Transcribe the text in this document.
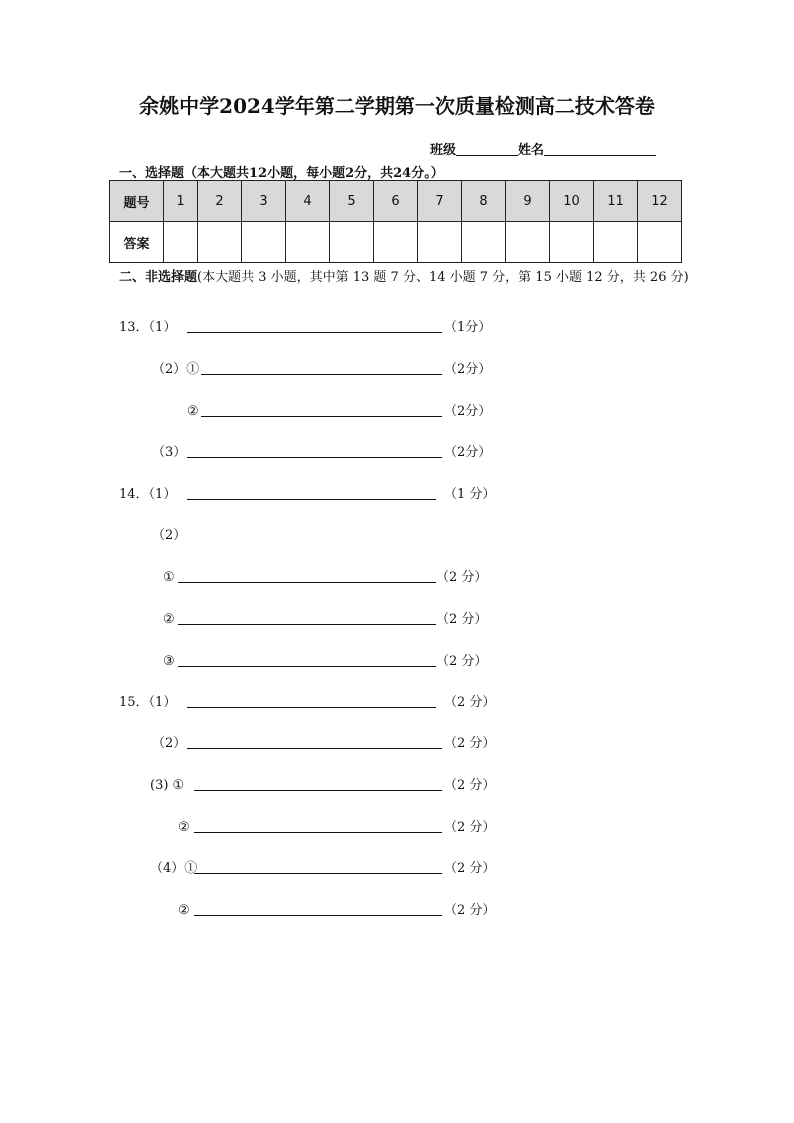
余姚中学2024学年第二学期第一次质量检测高二技术答卷
班级	姓名
一、选择题（本大题共12小题，每小题2分，共24分。）
题号	1	2	3	4	5	6	7	8	9	10	11	12
答案												
二、非选择题(本大题共 3 小题，其中第 13 题 7 分、14 小题 7 分，第 15 小题 12 分，共 26 分)
13．（1）	（1分）
（2）①	（2分）
②	（2分）
（3）	（2分）
14．（1）	（1 分）
（2）
①	（2 分）
②	（2 分）
③	（2 分）
15．（1）	（2 分）
（2）	（2 分）
(3) ①	（2 分）
②	（2 分）
（4）①	（2 分）
②	（2 分）
